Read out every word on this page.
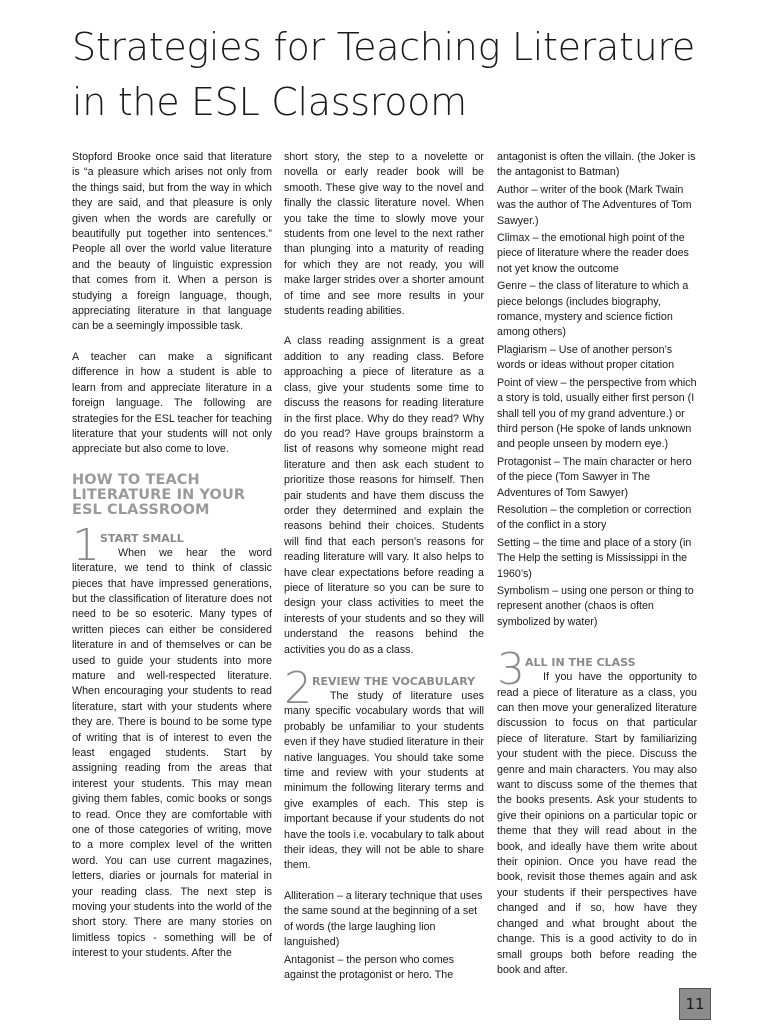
Strategies for Teaching Literature
in the ESL Classroom

Stopford Brooke once said that literature is “a pleasure which arises not only from the things said, but from the way in which they are said, and that pleasure is only given when the words are carefully or beautifully put together into sentences.” People all over the world value literature and the beauty of linguistic expression that comes from it. When a person is studying a foreign language, though, appreciating literature in that language can be a seemingly impossible task.

A teacher can make a significant difference in how a student is able to learn from and appreciate literature in a foreign language. The following are strategies for the ESL teacher for teaching literature that your students will not only appreciate but also come to love.

HOW TO TEACH
LITERATURE IN YOUR
ESL CLASSROOM
1 START SMALL

When we hear the word literature, we tend to think of classic pieces that have impressed generations, but the classification of literature does not need to be so esoteric. Many types of written pieces can either be considered literature in and of themselves or can be used to guide your students into more mature and well-respected literature. When encouraging your students to read literature, start with your students where they are. There is bound to be some type of writing that is of interest to even the least engaged students. Start by assigning reading from the areas that interest your students. This may mean giving them fables, comic books or songs to read. Once they are comfortable with one of those categories of writing, move to a more complex level of the written word. You can use current magazines, letters, diaries or journals for material in your reading class. The next step is moving your students into the world of the short story. There are many stories on limitless topics - something will be of interest to your students. After the

short story, the step to a novelette or novella or early reader book will be smooth. These give way to the novel and finally the classic literature novel. When you take the time to slowly move your students from one level to the next rather than plunging into a maturity of reading for which they are not ready, you will make larger strides over a shorter amount of time and see more results in your students reading abilities.

A class reading assignment is a great addition to any reading class. Before approaching a piece of literature as a class, give your students some time to discuss the reasons for reading literature in the first place. Why do they read? Why do you read? Have groups brainstorm a list of reasons why someone might read literature and then ask each student to prioritize those reasons for himself. Then pair students and have them discuss the order they determined and explain the reasons behind their choices. Students will find that each person’s reasons for reading literature will vary. It also helps to have clear expectations before reading a piece of literature so you can be sure to design your class activities to meet the interests of your students and so they will understand the reasons behind the activities you do as a class.

2 REVIEW THE VOCABULARY

The study of literature uses many specific vocabulary words that will probably be unfamiliar to your students even if they have studied literature in their native languages. You should take some time and review with your students at minimum the following literary terms and give examples of each. This step is important because if your students do not have the tools i.e. vocabulary to talk about their ideas, they will not be able to share them.

Alliteration – a literary technique that uses the same sound at the beginning of a set of words (the large laughing lion languished)

Antagonist – the person who comes against the protagonist or hero. The

antagonist is often the villain. (the Joker is the antagonist to Batman)

Author – writer of the book (Mark Twain was the author of The Adventures of Tom Sawyer.)

Climax – the emotional high point of the piece of literature where the reader does not yet know the outcome

Genre – the class of literature to which a piece belongs (includes biography, romance, mystery and science fiction among others)

Plagiarism – Use of another person’s words or ideas without proper citation

Point of view – the perspective from which a story is told, usually either first person (I shall tell you of my grand adventure.) or third person (He spoke of lands unknown and people unseen by modern eye.)

Protagonist – The main character or hero of the piece (Tom Sawyer in The Adventures of Tom Sawyer)

Resolution – the completion or correction of the conflict in a story

Setting – the time and place of a story (in The Help the setting is Mississippi in the 1960’s)

Symbolism – using one person or thing to represent another (chaos is often symbolized by water)

3 ALL IN THE CLASS

If you have the opportunity to read a piece of literature as a class, you can then move your generalized literature discussion to focus on that particular piece of literature. Start by familiarizing your student with the piece. Discuss the genre and main characters. You may also want to discuss some of the themes that the books presents. Ask your students to give their opinions on a particular topic or theme that they will read about in the book, and ideally have them write about their opinion. Once you have read the book, revisit those themes again and ask your students if their perspectives have changed and if so, how have they changed and what brought about the change. This is a good activity to do in small groups both before reading the book and after.

11
